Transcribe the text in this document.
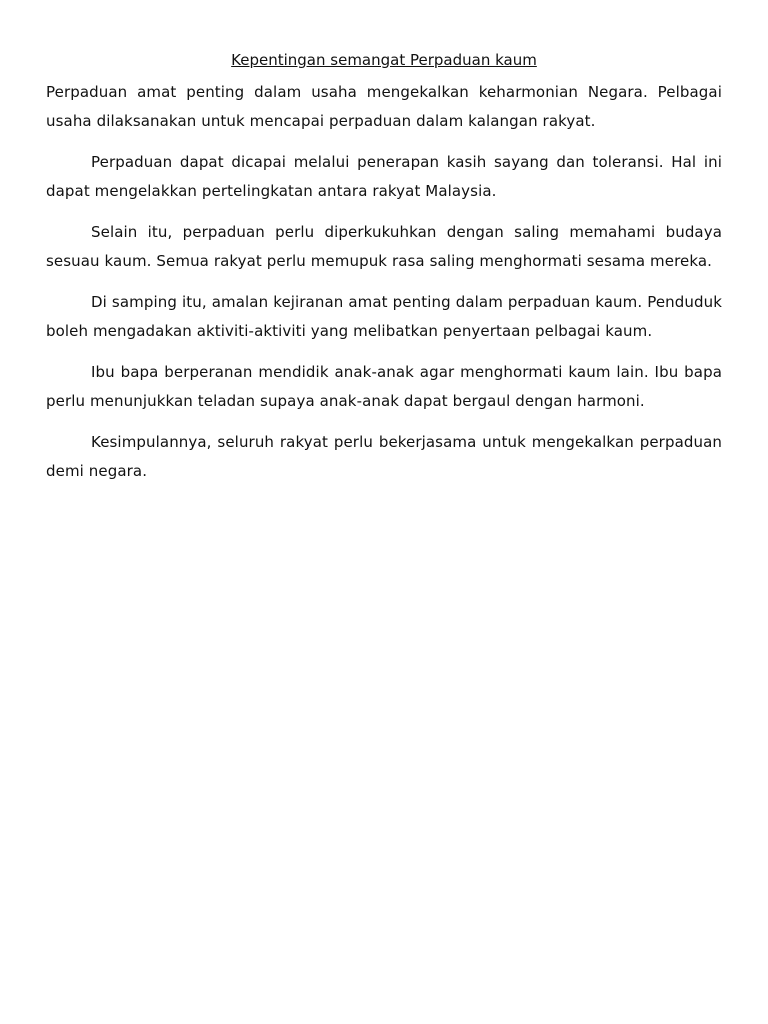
Kepentingan semangat Perpaduan kaum

Perpaduan amat penting dalam usaha mengekalkan keharmonian Negara. Pelbagai usaha dilaksanakan untuk mencapai perpaduan dalam kalangan rakyat.

Perpaduan dapat dicapai melalui penerapan kasih sayang dan toleransi. Hal ini dapat mengelakkan pertelingkatan antara rakyat Malaysia.

Selain itu, perpaduan perlu diperkukuhkan dengan saling memahami budaya sesuau kaum. Semua rakyat perlu memupuk rasa saling menghormati sesama mereka.

Di samping itu, amalan kejiranan amat penting dalam perpaduan kaum. Penduduk boleh mengadakan aktiviti-aktiviti yang melibatkan penyertaan pelbagai kaum.

Ibu bapa berperanan mendidik anak-anak agar menghormati kaum lain. Ibu bapa perlu menunjukkan teladan supaya anak-anak dapat bergaul dengan harmoni.

Kesimpulannya, seluruh rakyat perlu bekerjasama untuk mengekalkan perpaduan demi negara.
